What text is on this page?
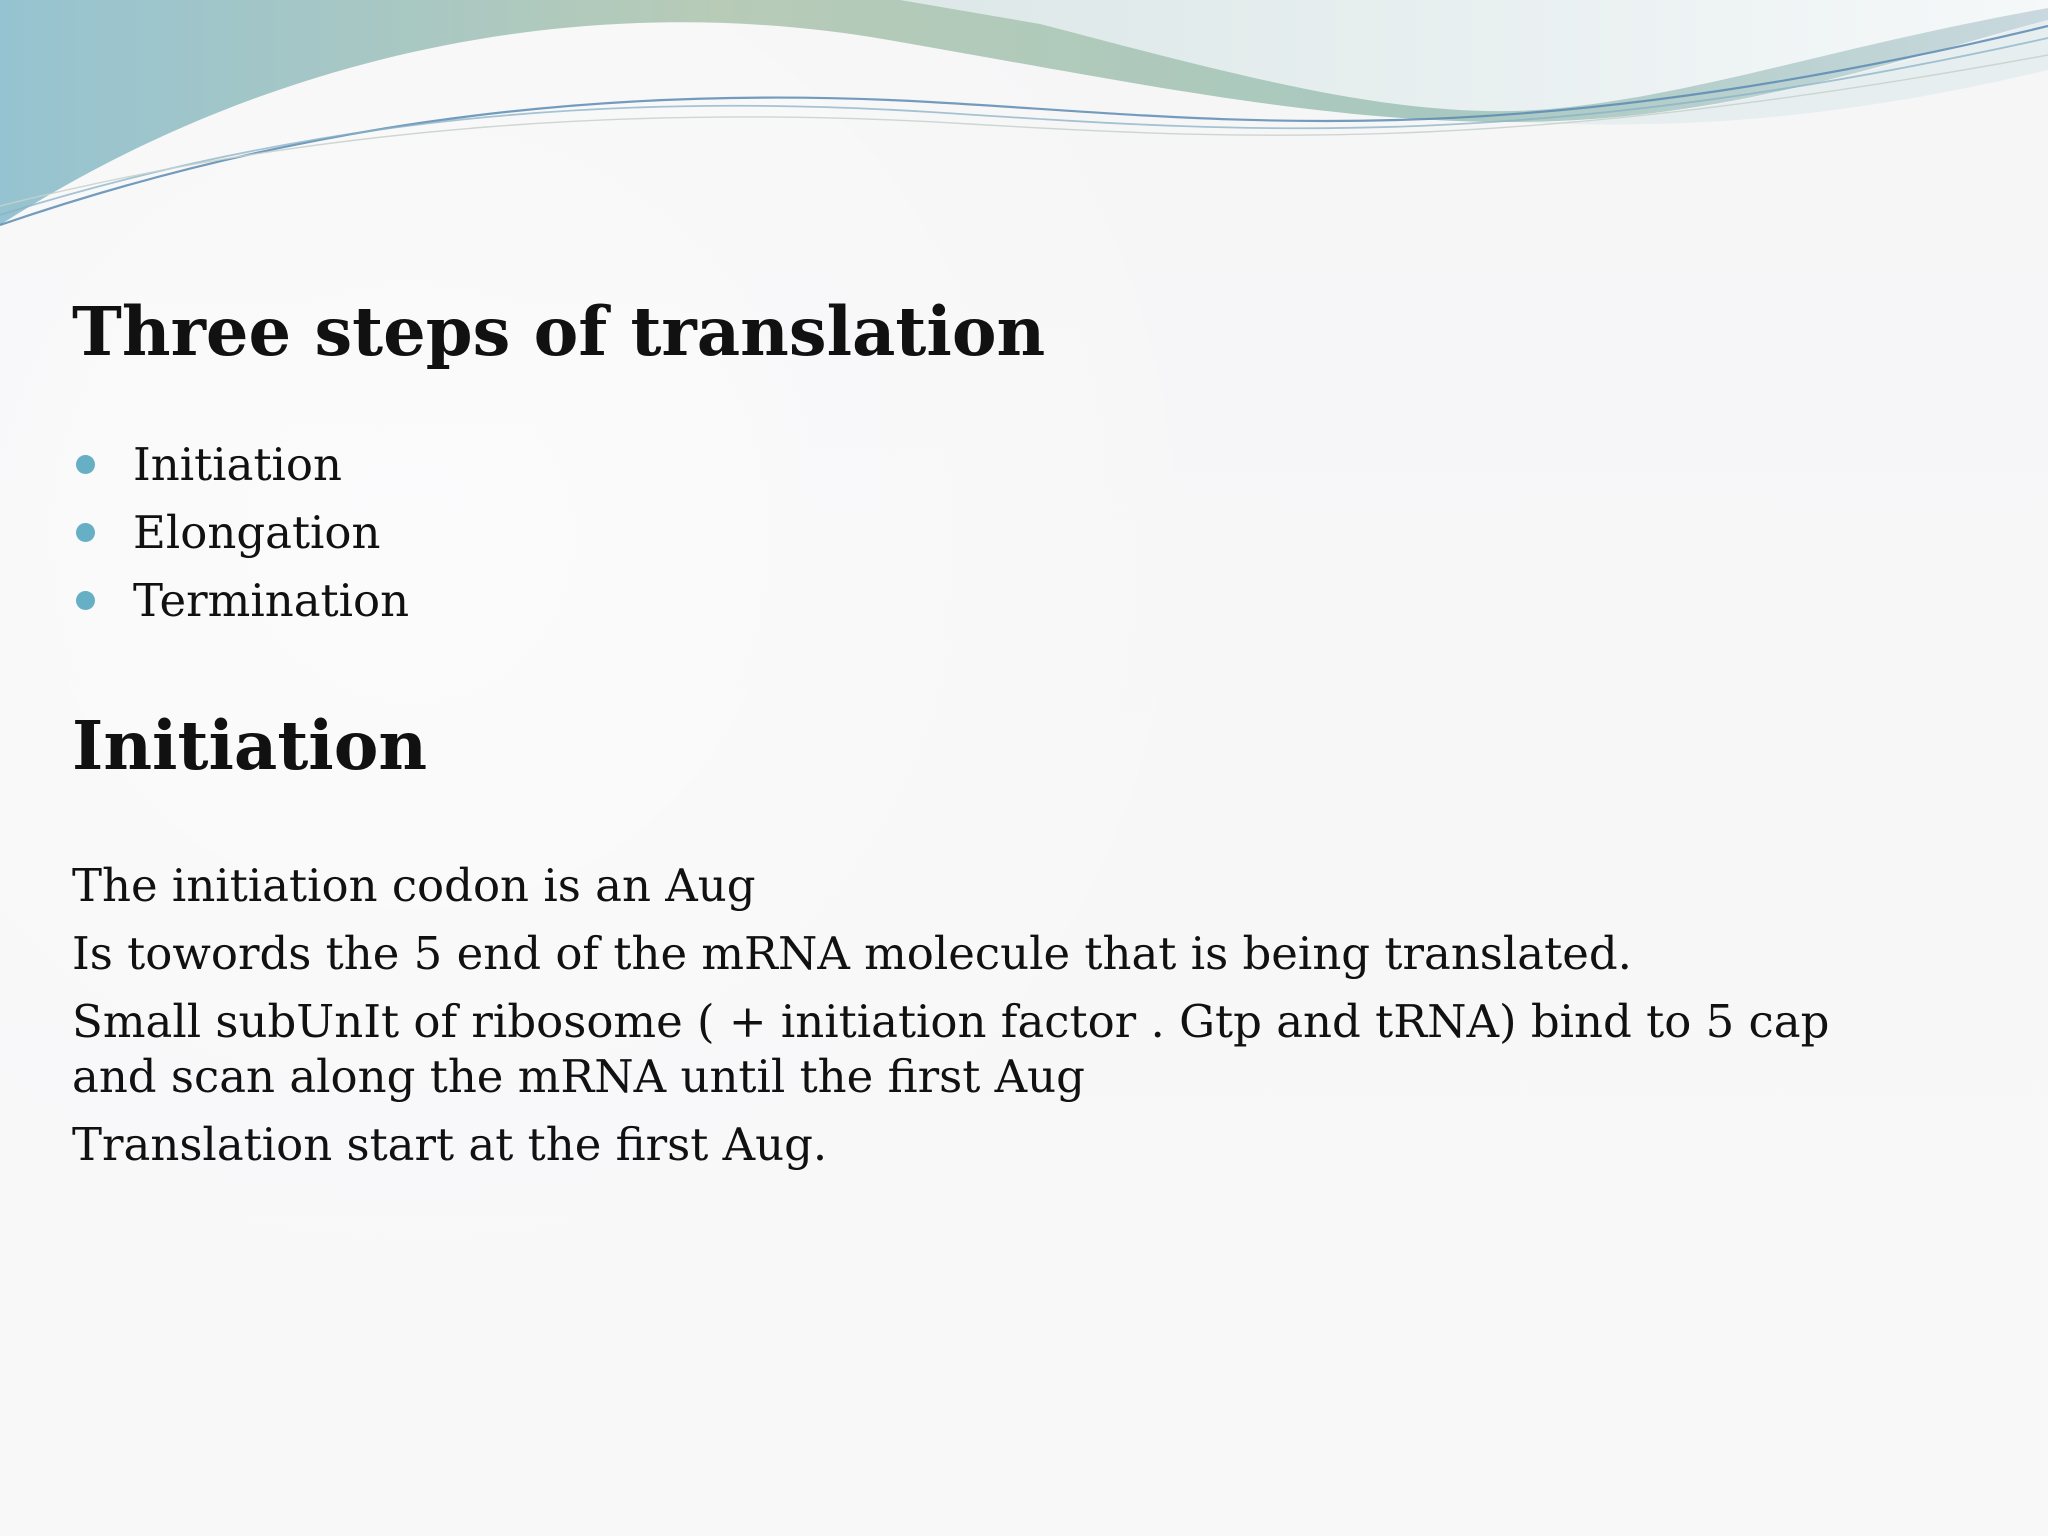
Three steps of translation
Initiation
Elongation
Termination
Initiation

The initiation codon is an Aug

Is towords the 5 end of the mRNA molecule that is being translated.

Small subUnIt of ribosome ( + initiation factor . Gtp and tRNA) bind to 5 cap and scan along the mRNA until the first Aug

Translation start at the first Aug.
